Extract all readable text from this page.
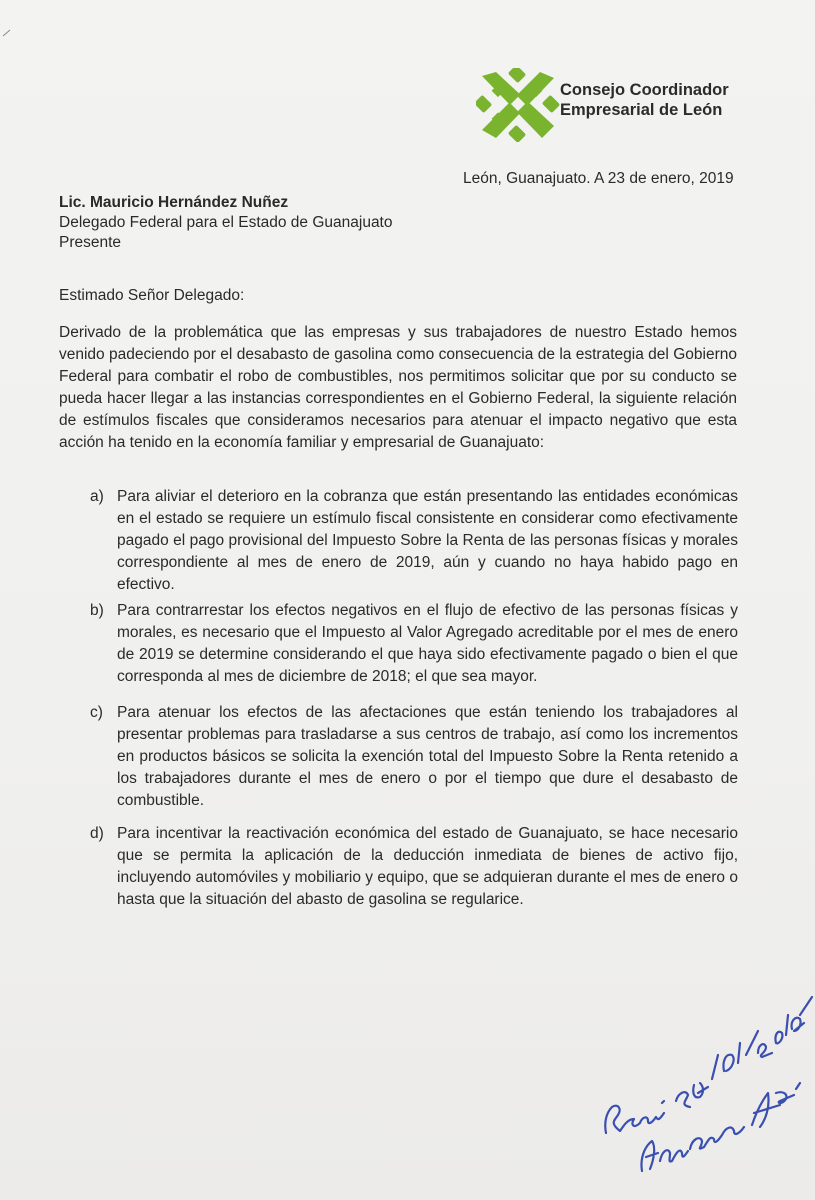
Consejo Coordinador
Empresarial de León
León, Guanajuato. A 23 de enero, 2019
Lic. Mauricio Hernández Nuñez
Delegado Federal para el Estado de Guanajuato
Presente
Estimado Señor Delegado:
Derivado de la problemática que las empresas y sus trabajadores de nuestro Estado hemos venido padeciendo por el desabasto de gasolina como consecuencia de la estrategia del Gobierno Federal para combatir el robo de combustibles, nos permitimos solicitar que por su conducto se pueda hacer llegar a las instancias correspondientes en el Gobierno Federal, la siguiente relación de estímulos fiscales que consideramos necesarios para atenuar el impacto negativo que esta acción ha tenido en la economía familiar y empresarial de Guanajuato:
a) Para aliviar el deterioro en la cobranza que están presentando las entidades económicas en el estado se requiere un estímulo fiscal consistente en considerar como efectivamente pagado el pago provisional del Impuesto Sobre la Renta de las personas físicas y morales correspondiente al mes de enero de 2019, aún y cuando no haya habido pago en efectivo.
b) Para contrarrestar los efectos negativos en el flujo de efectivo de las personas físicas y morales, es necesario que el Impuesto al Valor Agregado acreditable por el mes de enero de 2019 se determine considerando el que haya sido efectivamente pagado o bien el que corresponda al mes de diciembre de 2018; el que sea mayor.
c) Para atenuar los efectos de las afectaciones que están teniendo los trabajadores al presentar problemas para trasladarse a sus centros de trabajo, así como los incrementos en productos básicos se solicita la exención total del Impuesto Sobre la Renta retenido a los trabajadores durante el mes de enero o por el tiempo que dure el desabasto de combustible.
d) Para incentivar la reactivación económica del estado de Guanajuato, se hace necesario que se permita la aplicación de la deducción inmediata de bienes de activo fijo, incluyendo automóviles y mobiliario y equipo, que se adquieran durante el mes de enero o hasta que la situación del abasto de gasolina se regularice.
